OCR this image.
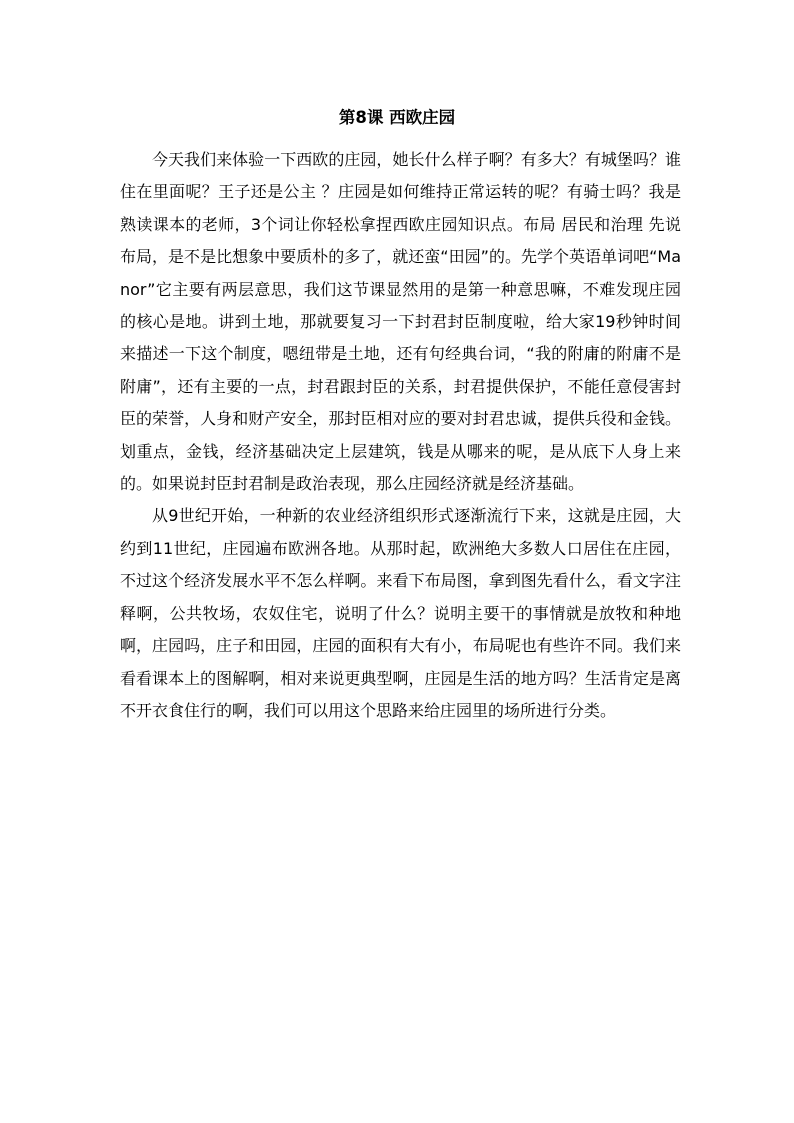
第8课 西欧庄园

今天我们来体验一下西欧的庄园，她长什么样子啊？有多大？有城堡吗？谁住在里面呢？王子还是公主 ？庄园是如何维持正常运转的呢？有骑士吗？我是熟读课本的老师，3个词让你轻松拿捏西欧庄园知识点。布局 居民和治理 先说布局，是不是比想象中要质朴的多了，就还蛮“田园”的。先学个英语单词吧“Manor”它主要有两层意思，我们这节课显然用的是第一种意思嘛，不难发现庄园的核心是地。讲到土地，那就要复习一下封君封臣制度啦，给大家19秒钟时间来描述一下这个制度，嗯纽带是土地，还有句经典台词，“我的附庸的附庸不是附庸”，还有主要的一点，封君跟封臣的关系，封君提供保护，不能任意侵害封臣的荣誉，人身和财产安全，那封臣相对应的要对封君忠诚，提供兵役和金钱。划重点，金钱，经济基础决定上层建筑，钱是从哪来的呢，是从底下人身上来的。如果说封臣封君制是政治表现，那么庄园经济就是经济基础。

从9世纪开始，一种新的农业经济组织形式逐渐流行下来，这就是庄园，大约到11世纪，庄园遍布欧洲各地。从那时起，欧洲绝大多数人口居住在庄园，不过这个经济发展水平不怎么样啊。来看下布局图，拿到图先看什么，看文字注释啊，公共牧场，农奴住宅，说明了什么？说明主要干的事情就是放牧和种地啊，庄园吗，庄子和田园，庄园的面积有大有小，布局呢也有些许不同。我们来看看课本上的图解啊，相对来说更典型啊，庄园是生活的地方吗？生活肯定是离不开衣食住行的啊，我们可以用这个思路来给庄园里的场所进行分类。
